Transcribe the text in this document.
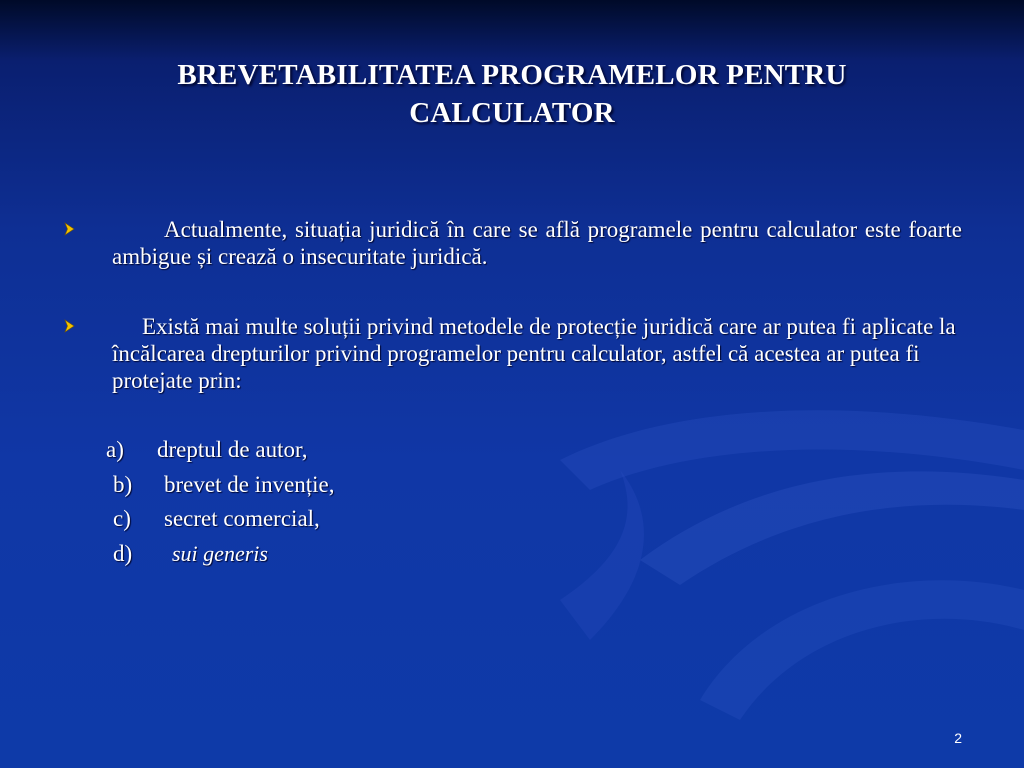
BREVETABILITATEA PROGRAMELOR PENTRU
CALCULATOR
Actualmente, situația juridică în care se află programele pentru calculator este foarte ambigue și crează o insecuritate juridică.
Există mai multe soluții privind metodele de protecție juridică care ar putea fi aplicate la încălcarea drepturilor privind programelor pentru calculator, astfel că acestea ar putea fi protejate prin:
a) dreptul de autor,
b) brevet de invenție,
c) secret comercial,
d) sui generis
2
